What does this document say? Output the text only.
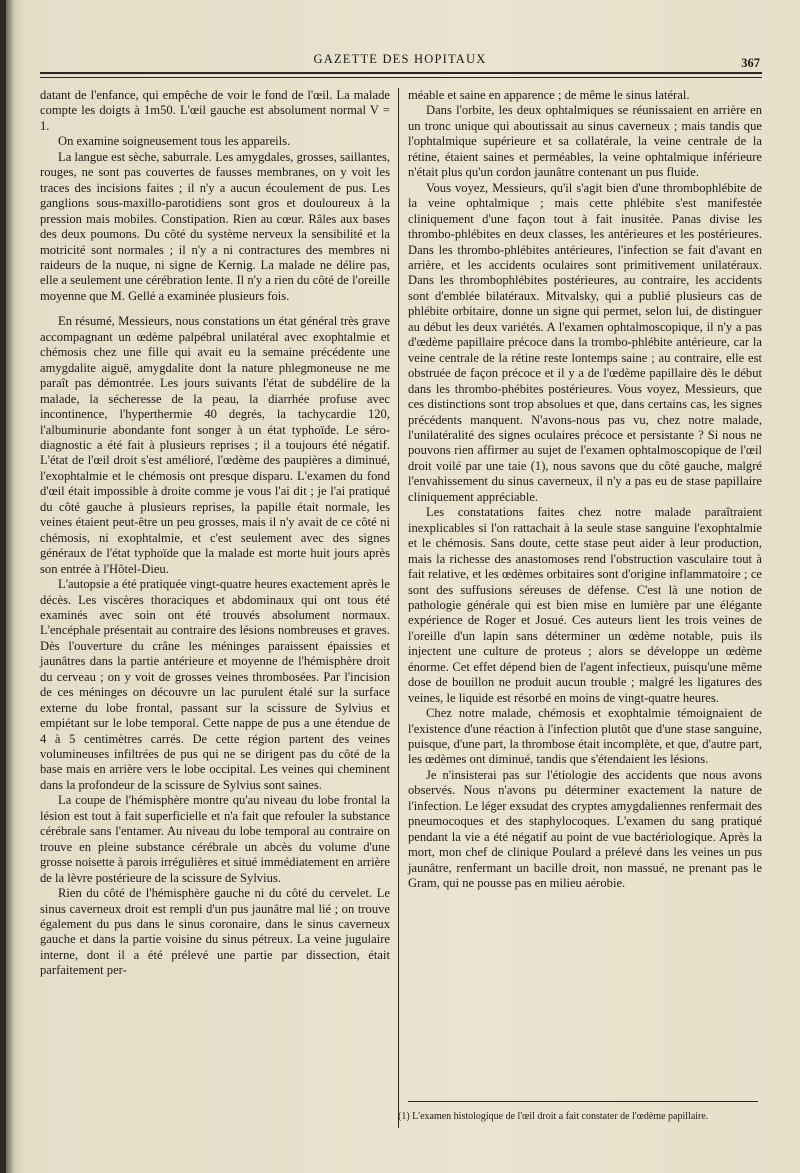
GAZETTE DES HOPITAUX	367

datant de l'enfance, qui empêche de voir le fond de l'œil. La malade compte les doigts à 1m50. L'œil gauche est absolument normal V = 1.

On examine soigneusement tous les appareils.

La langue est sèche, saburrale. Les amygdales, grosses, saillantes, rouges, ne sont pas couvertes de fausses membranes, on y voit les traces des incisions faites ; il n'y a aucun écoulement de pus. Les ganglions sous-maxillo-parotidiens sont gros et douloureux à la pression mais mobiles. Constipation. Rien au cœur. Râles aux bases des deux poumons. Du côté du système nerveux la sensibilité et la motricité sont normales ; il n'y a ni contractures des membres ni raideurs de la nuque, ni signe de Kernig. La malade ne délire pas, elle a seulement une cérébration lente. Il n'y a rien du côté de l'oreille moyenne que M. Gellé a examinée plusieurs fois.

En résumé, Messieurs, nous constations un état général très grave accompagnant un œdème palpébral unilatéral avec exophtalmie et chémosis chez une fille qui avait eu la semaine précédente une amygdalite aiguë, amygdalite dont la nature phlegmoneuse ne me paraît pas démontrée. Les jours suivants l'état de subdélire de la malade, la sécheresse de la peau, la diarrhée profuse avec incontinence, l'hyperthermie 40 degrés, la tachycardie 120, l'albuminurie abondante font songer à un état typhoïde. Le séro-diagnostic a été fait à plusieurs reprises ; il a toujours été négatif. L'état de l'œil droit s'est amélioré, l'œdème des paupières a diminué, l'exophtalmie et le chémosis ont presque disparu. L'examen du fond d'œil était impossible à droite comme je vous l'ai dit ; je l'ai pratiqué du côté gauche à plusieurs reprises, la papille était normale, les veines étaient peut-être un peu grosses, mais il n'y avait de ce côté ni chémosis, ni exophtalmie, et c'est seulement avec des signes généraux de l'état typhoïde que la malade est morte huit jours après son entrée à l'Hôtel-Dieu.

L'autopsie a été pratiquée vingt-quatre heures exactement après le décès. Les viscères thoraciques et abdominaux qui ont tous été examinés avec soin ont été trouvés absolument normaux. L'encéphale présentait au contraire des lésions nombreuses et graves. Dès l'ouverture du crâne les méninges paraissent épaissies et jaunâtres dans la partie antérieure et moyenne de l'hémisphère droit du cerveau ; on y voit de grosses veines thrombosées. Par l'incision de ces méninges on découvre un lac purulent étalé sur la surface externe du lobe frontal, passant sur la scissure de Sylvius et empiétant sur le lobe temporal. Cette nappe de pus a une étendue de 4 à 5 centimètres carrés. De cette région partent des veines volumineuses infiltrées de pus qui ne se dirigent pas du côté de la base mais en arrière vers le lobe occipital. Les veines qui cheminent dans la profondeur de la scissure de Sylvius sont saines.

La coupe de l'hémisphère montre qu'au niveau du lobe frontal la lésion est tout à fait superficielle et n'a fait que refouler la substance cérébrale sans l'entamer. Au niveau du lobe temporal au contraire on trouve en pleine substance cérébrale un abcès du volume d'une grosse noisette à parois irrégulières et situé immédiatement en arrière de la lèvre postérieure de la scissure de Sylvius.

Rien du côté de l'hémisphère gauche ni du côté du cervelet. Le sinus caverneux droit est rempli d'un pus jaunâtre mal lié ; on trouve également du pus dans le sinus coronaire, dans le sinus caverneux gauche et dans la partie voisine du sinus pétreux. La veine jugulaire interne, dont il a été prélevé une partie par dissection, était parfaitement per-

méable et saine en apparence ; de même le sinus latéral.

Dans l'orbite, les deux ophtalmiques se réunissaient en arrière en un tronc unique qui aboutissait au sinus caverneux ; mais tandis que l'ophtalmique supérieure et sa collatérale, la veine centrale de la rétine, étaient saines et perméables, la veine ophtalmique inférieure n'était plus qu'un cordon jaunâtre contenant un pus fluide.

Vous voyez, Messieurs, qu'il s'agit bien d'une thrombophlébite de la veine ophtalmique ; mais cette phlébite s'est manifestée cliniquement d'une façon tout à fait inusitée. Panas divise les thrombo-phlébites en deux classes, les antérieures et les postérieures. Dans les thrombo-phlébites antérieures, l'infection se fait d'avant en arrière, et les accidents oculaires sont primitivement unilatéraux. Dans les thrombophlébites postérieures, au contraire, les accidents sont d'emblée bilatéraux. Mitvalsky, qui a publié plusieurs cas de phlébite orbitaire, donne un signe qui permet, selon lui, de distinguer au début les deux variétés. A l'examen ophtalmoscopique, il n'y a pas d'œdème papillaire précoce dans la trombo-phlébite antérieure, car la veine centrale de la rétine reste lontemps saine ; au contraire, elle est obstruée de façon précoce et il y a de l'œdème papillaire dès le début dans les thrombo-phébites postérieures. Vous voyez, Messieurs, que ces distinctions sont trop absolues et que, dans certains cas, les signes précédents manquent. N'avons-nous pas vu, chez notre malade, l'unilatéralité des signes oculaires précoce et persistante ? Si nous ne pouvons rien affirmer au sujet de l'examen ophtalmoscopique de l'œil droit voilé par une taie (1), nous savons que du côté gauche, malgré l'envahissement du sinus caverneux, il n'y a pas eu de stase papillaire cliniquement appréciable.

Les constatations faites chez notre malade paraîtraient inexplicables si l'on rattachait à la seule stase sanguine l'exophtalmie et le chémosis. Sans doute, cette stase peut aider à leur production, mais la richesse des anastomoses rend l'obstruction vasculaire tout à fait relative, et les œdèmes orbitaires sont d'origine inflammatoire ; ce sont des suffusions séreuses de défense. C'est là une notion de pathologie générale qui est bien mise en lumière par une élégante expérience de Roger et Josué. Ces auteurs lient les trois veines de l'oreille d'un lapin sans déterminer un œdème notable, puis ils injectent une culture de proteus ; alors se développe un œdème énorme. Cet effet dépend bien de l'agent infectieux, puisqu'une même dose de bouillon ne produit aucun trouble ; malgré les ligatures des veines, le liquide est résorbé en moins de vingt-quatre heures.

Chez notre malade, chémosis et exophtalmie témoignaient de l'existence d'une réaction à l'infection plutôt que d'une stase sanguine, puisque, d'une part, la thrombose était incomplète, et que, d'autre part, les œdèmes ont diminué, tandis que s'étendaient les lésions.

Je n'insisterai pas sur l'étiologie des accidents que nous avons observés. Nous n'avons pu déterminer exactement la nature de l'infection. Le léger exsudat des cryptes amygdaliennes renfermait des pneumocoques et des staphylocoques. L'examen du sang pratiqué pendant la vie a été négatif au point de vue bactériologique. Après la mort, mon chef de clinique Poulard a prélevé dans les veines un pus jaunâtre, renfermant un bacille droit, non massué, ne prenant pas le Gram, qui ne pousse pas en milieu aérobie.

(1) L'examen histologique de l'œil droit a fait constater de l'œdème papillaire.
